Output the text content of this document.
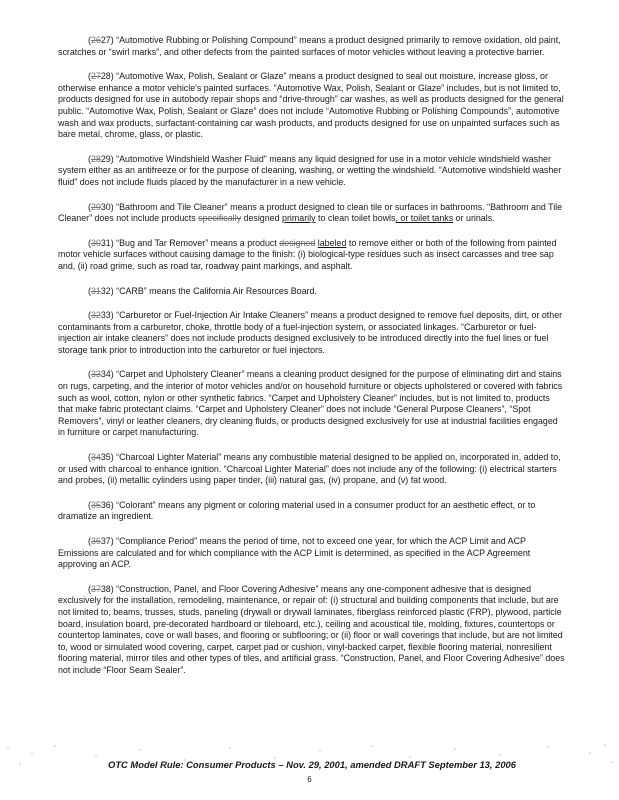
(2627) “Automotive Rubbing or Polishing Compound” means a product designed primarily to remove oxidation, old paint, scratches or “swirl marks”, and other defects from the painted surfaces of motor vehicles without leaving a protective barrier.

(2728) “Automotive Wax, Polish, Sealant or Glaze” means a product designed to seal out moisture, increase gloss, or otherwise enhance a motor vehicle's painted surfaces. “Automotive Wax, Polish, Sealant or Glaze” includes, but is not limited to, products designed for use in autobody repair shops and “drive-through” car washes, as well as products designed for the general public. “Automotive Wax, Polish, Sealant or Glaze” does not include “Automotive Rubbing or Polishing Compounds”, automotive wash and wax products, surfactant-containing car wash products, and products designed for use on unpainted surfaces such as bare metal, chrome, glass, or plastic.

(2829) “Automotive Windshield Washer Fluid” means any liquid designed for use in a motor vehicle windshield washer system either as an antifreeze or for the purpose of cleaning, washing, or wetting the windshield. “Automotive windshield washer fluid” does not include fluids placed by the manufacturer in a new vehicle.

(2930) “Bathroom and Tile Cleaner” means a product designed to clean tile or surfaces in bathrooms. “Bathroom and Tile Cleaner” does not include products specifically designed primarily to clean toilet bowls, or toilet tanks or urinals.

(3031) “Bug and Tar Remover” means a product designed labeled to remove either or both of the following from painted motor vehicle surfaces without causing damage to the finish: (i) biological-type residues such as insect carcasses and tree sap and, (ii) road grime, such as road tar, roadway paint markings, and asphalt.

(3132) “CARB” means the California Air Resources Board.

(3233) “Carburetor or Fuel-Injection Air Intake Cleaners” means a product designed to remove fuel deposits, dirt, or other contaminants from a carburetor, choke, throttle body of a fuel-injection system, or associated linkages. “Carburetor or fuel-injection air intake cleaners” does not include products designed exclusively to be introduced directly into the fuel lines or fuel storage tank prior to introduction into the carburetor or fuel injectors.

(3334) “Carpet and Upholstery Cleaner” means a cleaning product designed for the purpose of eliminating dirt and stains on rugs, carpeting, and the interior of motor vehicles and/or on household furniture or objects upholstered or covered with fabrics such as wool, cotton, nylon or other synthetic fabrics. “Carpet and Upholstery Cleaner” includes, but is not limited to, products that make fabric protectant claims. “Carpet and Upholstery Cleaner” does not include “General Purpose Cleaners”, “Spot Removers”, vinyl or leather cleaners, dry cleaning fluids, or products designed exclusively for use at industrial facilities engaged in furniture or carpet manufacturing.

(3435) “Charcoal Lighter Material” means any combustible material designed to be applied on, incorporated in, added to, or used with charcoal to enhance ignition. “Charcoal Lighter Material” does not include any of the following: (i) electrical starters and probes, (ii) metallic cylinders using paper tinder, (iii) natural gas, (iv) propane, and (v) fat wood.

(3536) “Colorant” means any pigment or coloring material used in a consumer product for an aesthetic effect, or to dramatize an ingredient.

(3637) “Compliance Period” means the period of time, not to exceed one year, for which the ACP Limit and ACP Emissions are calculated and for which compliance with the ACP Limit is determined, as specified in the ACP Agreement approving an ACP.

(3738) “Construction, Panel, and Floor Covering Adhesive” means any one-component adhesive that is designed exclusively for the installation, remodeling, maintenance, or repair of: (i) structural and building components that include, but are not limited to, beams, trusses, studs, paneling (drywall or drywall laminates, fiberglass reinforced plastic (FRP), plywood, particle board, insulation board, pre-decorated hardboard or tileboard, etc.), ceiling and acoustical tile, molding, fixtures, countertops or countertop laminates, cove or wall bases, and flooring or subflooring; or (ii) floor or wall coverings that include, but are not limited to, wood or simulated wood covering, carpet, carpet pad or cushion, vinyl-backed carpet, flexible flooring material, nonresilient flooring material, mirror tiles and other types of tiles, and artificial grass. “Construction, Panel, and Floor Covering Adhesive” does not include “Floor Seam Sealer”.

OTC Model Rule: Consumer Products – Nov. 29, 2001, amended DRAFT September 13, 2006
6
